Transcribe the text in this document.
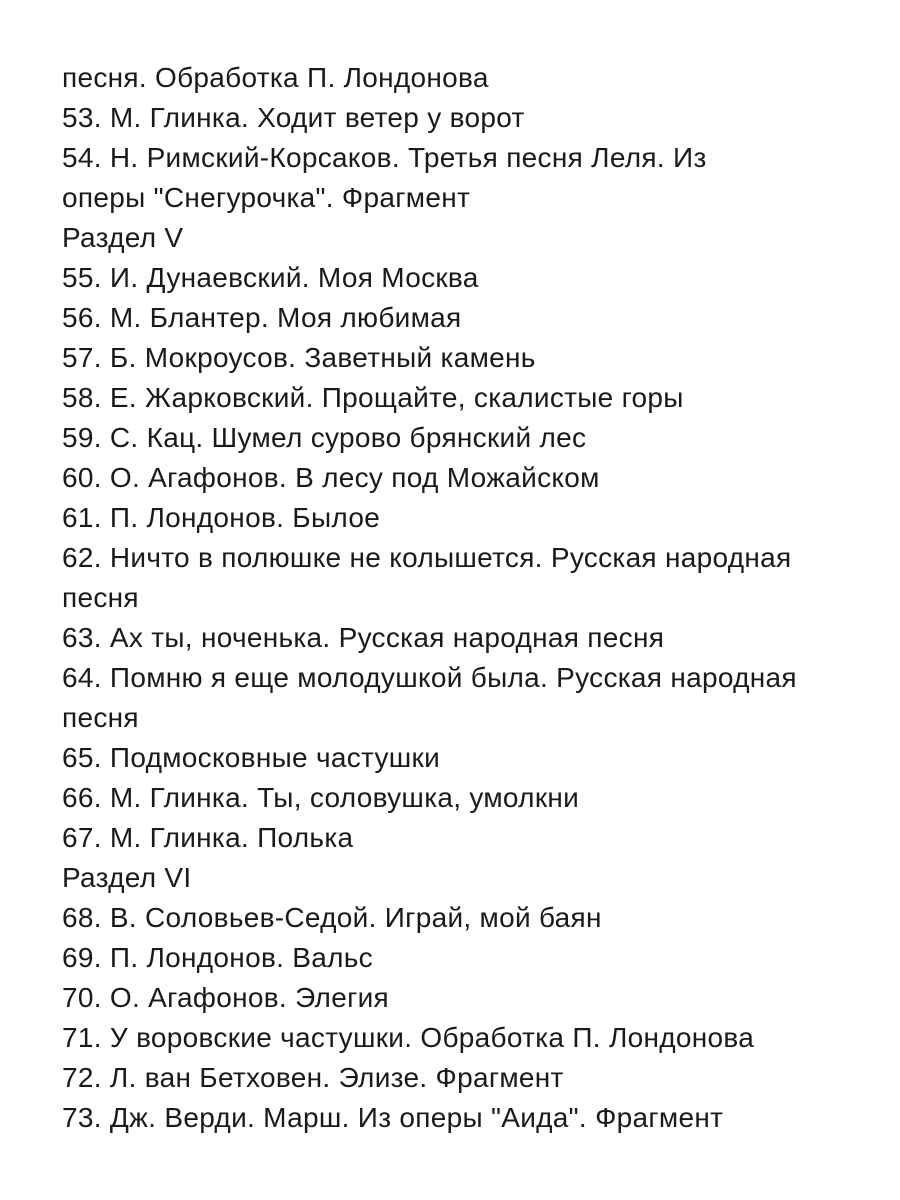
песня. Обработка П. Лондонова
53. М. Глинка. Ходит ветер у ворот
54. Н. Римский-Корсаков. Третья песня Леля. Из
оперы "Снегурочка". Фрагмент
Раздел V
55. И. Дунаевский. Моя Москва
56. М. Блантер. Моя любимая
57. Б. Мокроусов. Заветный камень
58. Е. Жарковский. Прощайте, скалистые горы
59. С. Кац. Шумел сурово брянский лес
60. О. Агафонов. В лесу под Можайском
61. П. Лондонов. Былое
62. Ничто в полюшке не колышется. Русская народная
песня
63. Ах ты, ноченька. Русская народная песня
64. Помню я еще молодушкой была. Русская народная
песня
65. Подмосковные частушки
66. М. Глинка. Ты, соловушка, умолкни
67. М. Глинка. Полька
Раздел VI
68. В. Соловьев-Седой. Играй, мой баян
69. П. Лондонов. Вальс
70. О. Агафонов. Элегия
71. У воровские частушки. Обработка П. Лондонова
72. Л. ван Бетховен. Элизе. Фрагмент
73. Дж. Верди. Марш. Из оперы "Аида". Фрагмент
